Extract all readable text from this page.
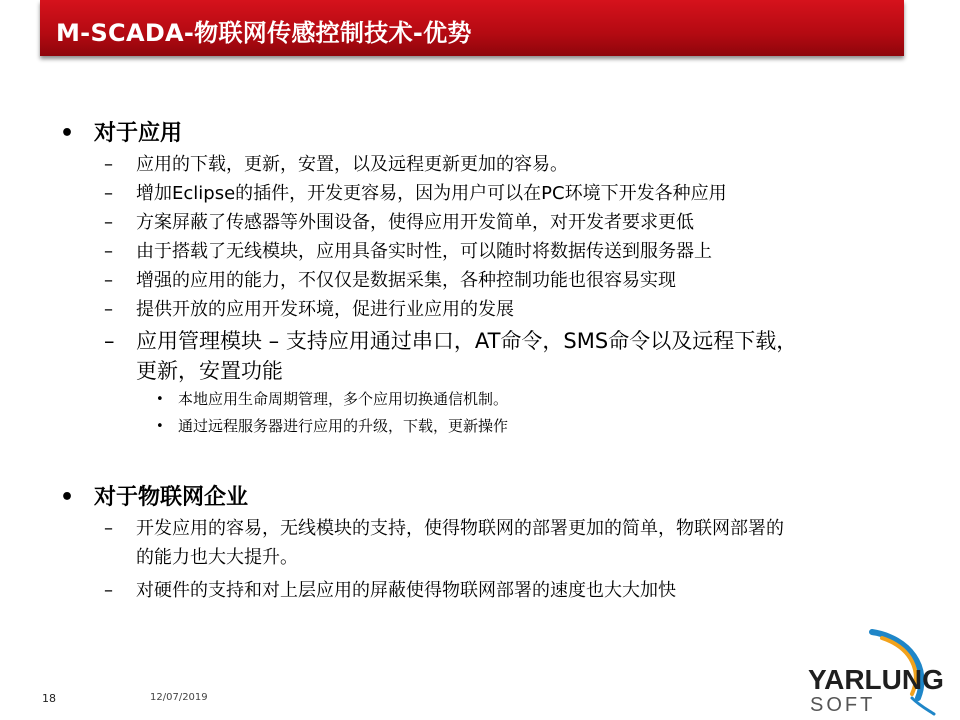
M-SCADA-物联网传感控制技术-优势
• 对于应用
– 应用的下载，更新，安置，以及远程更新更加的容易。
– 增加Eclipse的插件，开发更容易，因为用户可以在PC环境下开发各种应用
– 方案屏蔽了传感器等外围设备，使得应用开发简单，对开发者要求更低
– 由于搭载了无线模块，应用具备实时性，可以随时将数据传送到服务器上
– 增强的应用的能力，不仅仅是数据采集，各种控制功能也很容易实现
– 提供开放的应用开发环境，促进行业应用的发展
– 应用管理模块 – 支持应用通过串口，AT命令，SMS命令以及远程下载，
更新，安置功能
• 本地应用生命周期管理，多个应用切换通信机制。
• 通过远程服务器进行应用的升级，下载，更新操作
• 对于物联网企业
– 开发应用的容易，无线模块的支持，使得物联网的部署更加的简单，物联网部署的
的能力也大大提升。
– 对硬件的支持和对上层应用的屏蔽使得物联网部署的速度也大大加快
18	12/07/2019
YARLUNG
SOFT
